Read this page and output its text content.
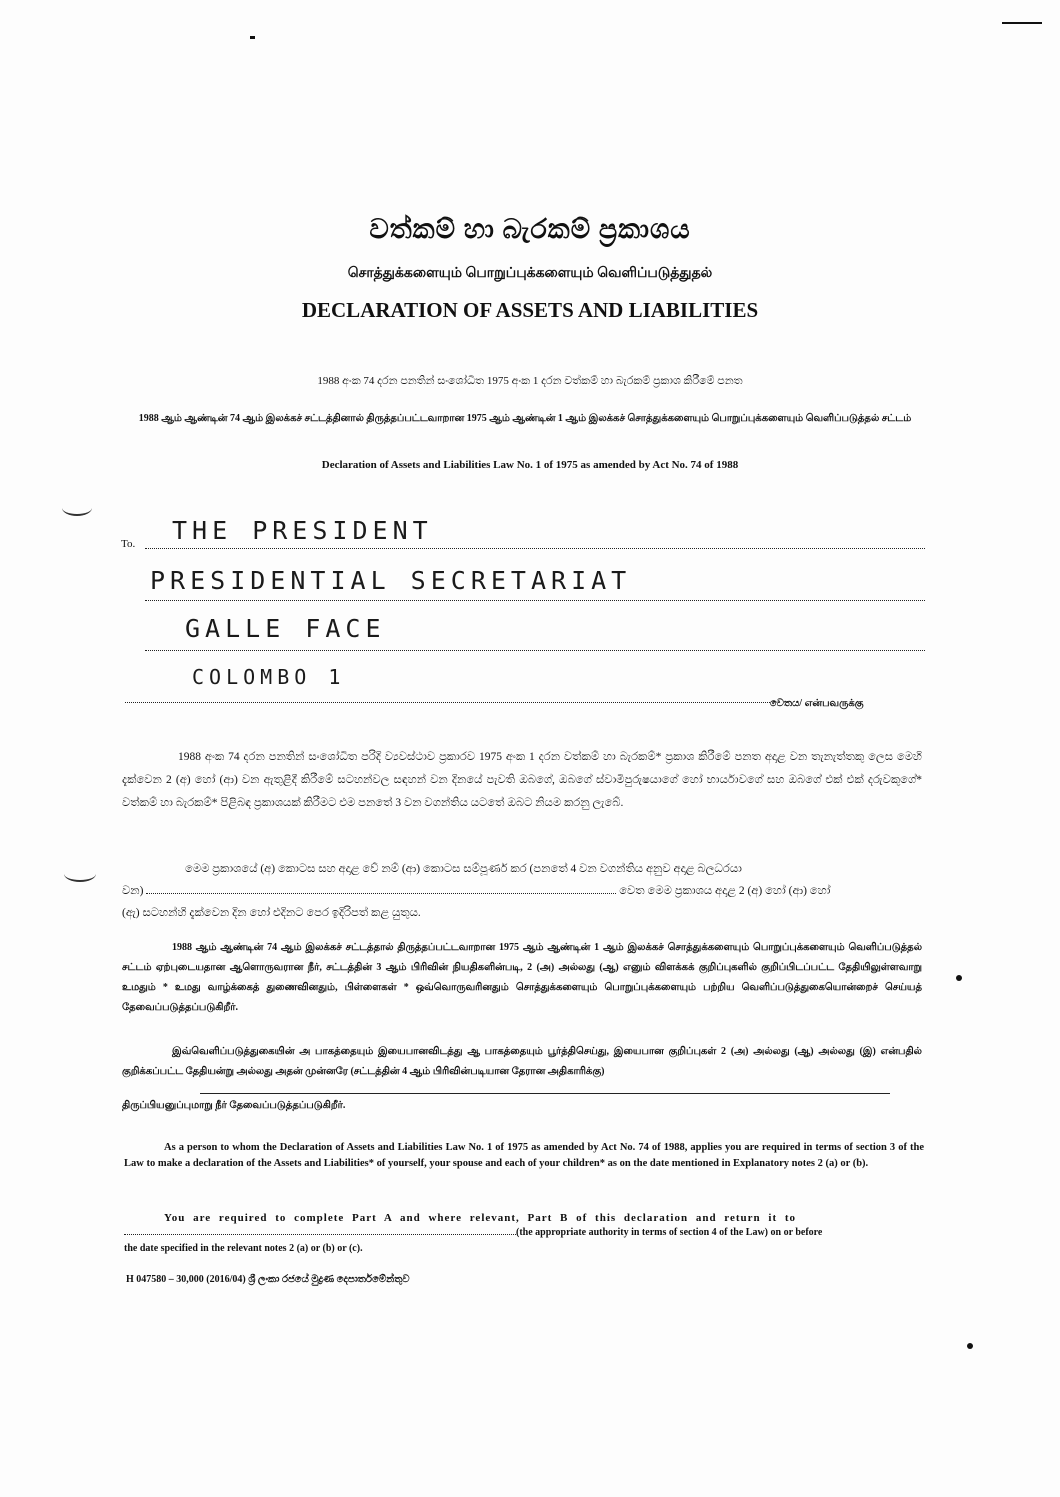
වත්කම් හා බැරකම් ප්‍රකාශය
சொத்துக்களையும் பொறுப்புக்களையும் வெளிப்படுத்துதல்
DECLARATION OF ASSETS AND LIABILITIES
1988 අංක 74 දරන පනතින් සංශෝධිත 1975 අංක 1 දරන වත්කම් හා බැරකම් ප්‍රකාශ කිරීමේ පනත
1988 ஆம் ஆண்டின் 74 ஆம் இலக்கச் சட்டத்தினால் திருத்தப்பட்டவாறான 1975 ஆம் ஆண்டின் 1 ஆம் இலக்கச் சொத்துக்களையும் பொறுப்புக்களையும் வெளிப்படுத்தல் சட்டம்
Declaration of Assets and Liabilities Law No. 1 of 1975 as amended by Act No. 74 of 1988
To. THE PRESIDENT
PRESIDENTIAL SECRETARIAT
GALLE FACE
COLOMBO 1
වෙතය/ என்பவருக்கு
1988 අංක 74 දරන පනතින් සංශෝධිත පරිදි ව්‍යවස්ථාව ප්‍රකාරව 1975 අංක 1 දරන වත්කම් හා බැරකම්* ප්‍රකාශ කිරීමේ පනත අදාළ වන තැනැත්තකු ලෙස මෙහි දැක්වෙන 2 (අ) හෝ (ආ) වන ඇතුළිදී කිරීමේ සටහන්වල සඳහන් වන දිනයේ පැවති ඔබගේ, ඔබගේ ස්වාමිපුරුෂයාගේ හෝ භාර්යාවගේ සහ ඔබගේ එක් එක් දරුවකුගේ* වත්කම් හා බැරකම්* පිළිබඳ ප්‍රකාශයක් කිරීමට එම පනතේ 3 වන වගන්තිය යටතේ ඔබට නියම කරනු ලැබේ.
මෙම ප්‍රකාශයේ (අ) කොටස සහ අදාළ වේ නම් (ආ) කොටස සම්පූර්ණ කර (පනතේ 4 වන වගන්තිය අනුව අදාළ බලධරයා
වන)	වෙත මෙම ප්‍රකාශය අදාළ 2 (අ) හෝ (ආ) හෝ
(ඇ) සටහන්හි දැක්වෙන දින හෝ එදිනට පෙර ඉදිරිපත් කළ යුතුය.
1988 ஆம் ஆண்டின் 74 ஆம் இலக்கச் சட்டத்தால் திருத்தப்பட்டவாறான 1975 ஆம் ஆண்டின் 1 ஆம் இலக்கச் சொத்துக்களையும் பொறுப்புக்களையும் வெளிப்படுத்தல் சட்டம் ஏற்புடையதான ஆளொருவரான நீர், சட்டத்தின் 3 ஆம் பிரிவின் நியதிகளின்படி, 2 (அ) அல்லது (ஆ) எனும் விளக்கக் குறிப்புகளில் குறிப்பிடப்பட்ட தேதியிலுள்ளவாறு உமதும் * உமது வாழ்க்கைத் துணைவினதும், பிள்ளைகள் * ஒவ்வொருவரினதும் சொத்துக்களையும் பொறுப்புக்களையும் பற்றிய வெளிப்படுத்துகையொன்றைச் செய்யத் தேவைப்படுத்தப்படுகிறீர்.
இவ்வெளிப்படுத்துகையின் அ பாகத்தையும் இயைபானவிடத்து ஆ பாகத்தையும் பூர்த்திசெய்து, இயைபான குறிப்புகள் 2 (அ) அல்லது (ஆ) அல்லது (இ) என்பதில் குறிக்கப்பட்ட தேதியன்று அல்லது அதன் முன்னரே (சட்டத்தின் 4 ஆம் பிரிவின்படியான தேரான அதிகாரிக்கு)
திருப்பியனுப்புமாறு நீர் தேவைப்படுத்தப்படுகிறீர்.
As a person to whom the Declaration of Assets and Liabilities Law No. 1 of 1975 as amended by Act No. 74 of 1988, applies you are required in terms of section 3 of the Law to make a declaration of the Assets and Liabilities* of yourself, your spouse and each of your children* as on the date mentioned in Explanatory notes 2 (a) or (b).
You are required to complete Part A and where relevant, Part B of this declaration and return it to
(the appropriate authority in terms of section 4 of the Law) on or before
the date specified in the relevant notes 2 (a) or (b) or (c).
H 047580 – 30,000 (2016/04) ශ්‍රී ලංකා රජයේ මුද්‍රණ දෙපාර්තමේන්තුව
